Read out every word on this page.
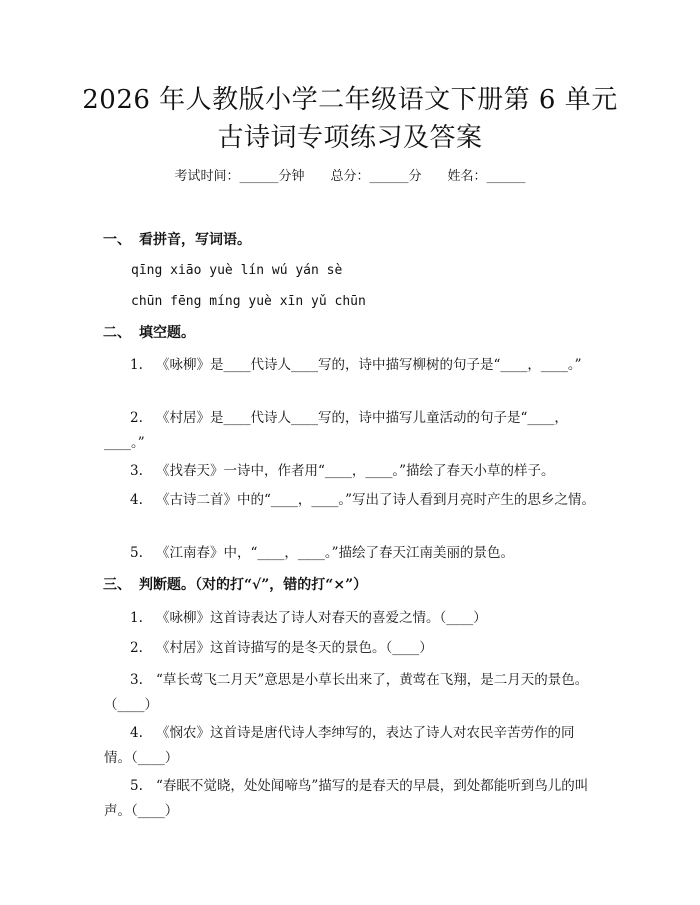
2026 年人教版小学二年级语文下册第 6 单元
古诗词专项练习及答案
考试时间：______分钟 总分：______分 姓名：______
一、 看拼音，写词语。
qīng xiāo yuè lín wú yán sè
chūn fēng míng yuè xīn yǔ chūn
二、 填空题。
1. 《咏柳》是____代诗人____写的，诗中描写柳树的句子是“____，____。”
2. 《村居》是____代诗人____写的，诗中描写儿童活动的句子是“____，____。”
3. 《找春天》一诗中，作者用“____，____。”描绘了春天小草的样子。
4. 《古诗二首》中的“____，____。”写出了诗人看到月亮时产生的思乡之情。
5. 《江南春》中，“____，____。”描绘了春天江南美丽的景色。
三、 判断题。（对的打“√”，错的打“×”）
1. 《咏柳》这首诗表达了诗人对春天的喜爱之情。（____）
2. 《村居》这首诗描写的是冬天的景色。（____）
3. “草长莺飞二月天”意思是小草长出来了，黄莺在飞翔，是二月天的景色。（____）
4. 《悯农》这首诗是唐代诗人李绅写的，表达了诗人对农民辛苦劳作的同情。（____）
5. “春眠不觉晓，处处闻啼鸟”描写的是春天的早晨，到处都能听到鸟儿的叫声。（____）
